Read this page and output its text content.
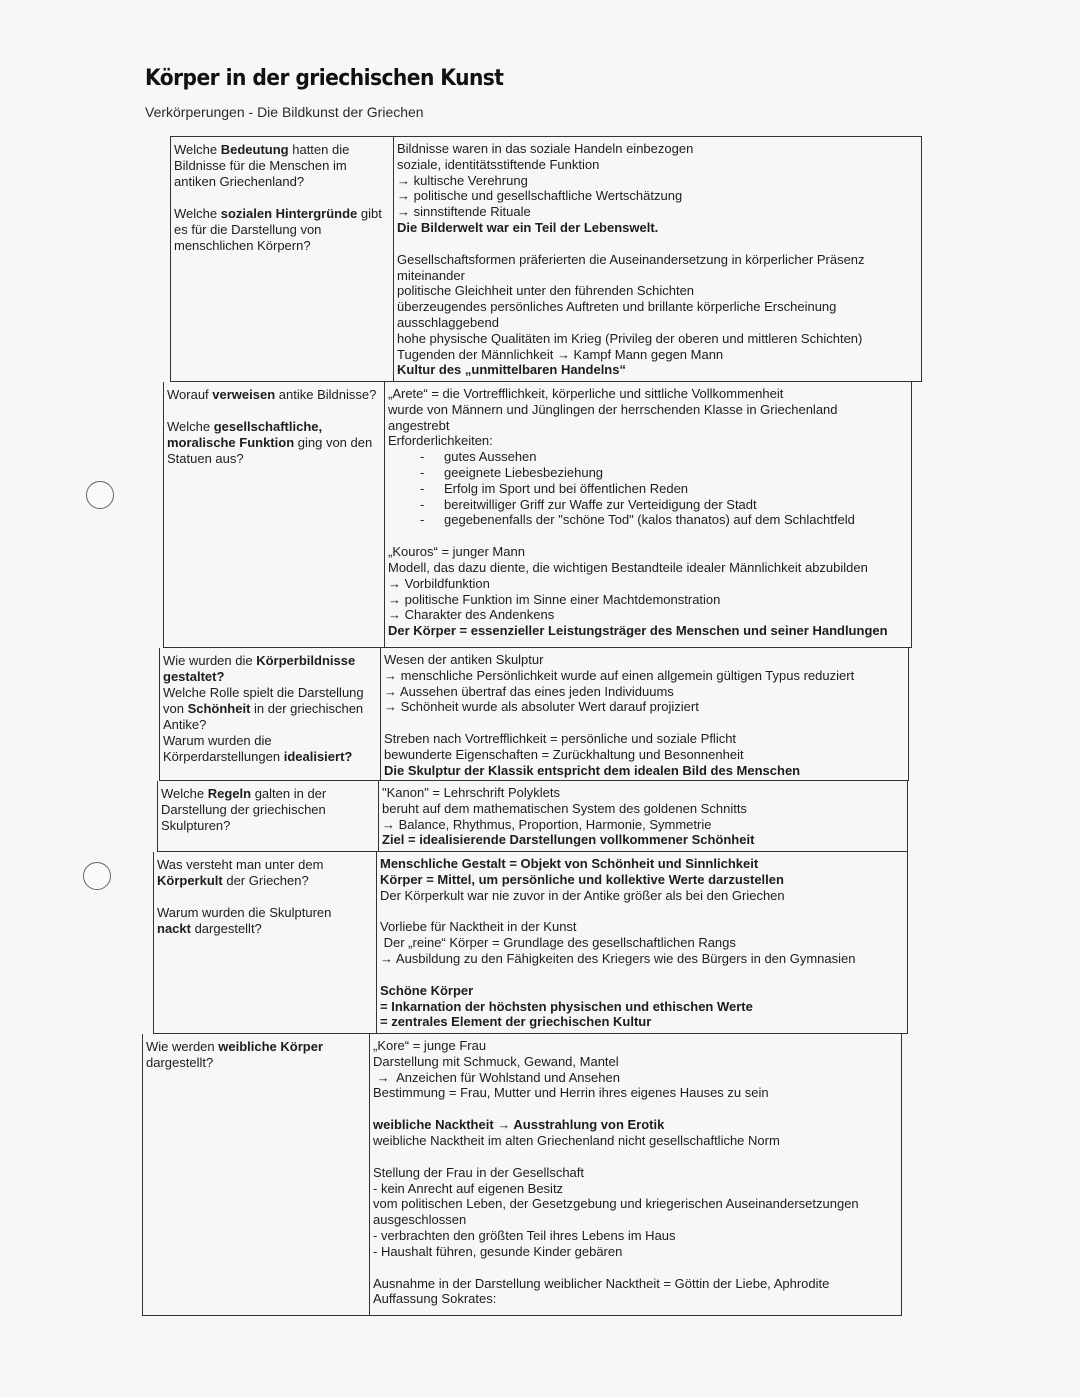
Körper in der griechischen Kunst
Verkörperungen - Die Bildkunst der Griechen
Welche Bedeutung hatten die
Bildnisse für die Menschen im
antiken Griechenland?
Welche sozialen Hintergründe gibt
es für die Darstellung von
menschlichen Körpern?
Bildnisse waren in das soziale Handeln einbezogen
soziale, identitätsstiftende Funktion
→ kultische Verehrung
→ politische und gesellschaftliche Wertschätzung
→ sinnstiftende Rituale
Die Bilderwelt war ein Teil der Lebenswelt.
Gesellschaftsformen präferierten die Auseinandersetzung in körperlicher Präsenz
miteinander
politische Gleichheit unter den führenden Schichten
überzeugendes persönliches Auftreten und brillante körperliche Erscheinung
ausschlaggebend
hohe physische Qualitäten im Krieg (Privileg der oberen und mittleren Schichten)
Tugenden der Männlichkeit → Kampf Mann gegen Mann
Kultur des „unmittelbaren Handelns“
Worauf verweisen antike Bildnisse?
Welche gesellschaftliche,
moralische Funktion ging von den
Statuen aus?
„Arete“ = die Vortrefflichkeit, körperliche und sittliche Vollkommenheit
wurde von Männern und Jünglingen der herrschenden Klasse in Griechenland
angestrebt
Erforderlichkeiten:
- gutes Aussehen
- geeignete Liebesbeziehung
- Erfolg im Sport und bei öffentlichen Reden
- bereitwilliger Griff zur Waffe zur Verteidigung der Stadt
- gegebenenfalls der "schöne Tod" (kalos thanatos) auf dem Schlachtfeld
„Kouros“ = junger Mann
Modell, das dazu diente, die wichtigen Bestandteile idealer Männlichkeit abzubilden
→ Vorbildfunktion
→ politische Funktion im Sinne einer Machtdemonstration
→ Charakter des Andenkens
Der Körper = essenzieller Leistungsträger des Menschen und seiner Handlungen
Wie wurden die Körperbildnisse
gestaltet?
Welche Rolle spielt die Darstellung
von Schönheit in der griechischen
Antike?
Warum wurden die
Körperdarstellungen idealisiert?
Wesen der antiken Skulptur
→ menschliche Persönlichkeit wurde auf einen allgemein gültigen Typus reduziert
→ Aussehen übertraf das eines jeden Individuums
→ Schönheit wurde als absoluter Wert darauf projiziert
Streben nach Vortrefflichkeit = persönliche und soziale Pflicht
bewunderte Eigenschaften = Zurückhaltung und Besonnenheit
Die Skulptur der Klassik entspricht dem idealen Bild des Menschen
Welche Regeln galten in der
Darstellung der griechischen
Skulpturen?
"Kanon" = Lehrschrift Polyklets
beruht auf dem mathematischen System des goldenen Schnitts
→ Balance, Rhythmus, Proportion, Harmonie, Symmetrie
Ziel = idealisierende Darstellungen vollkommener Schönheit
Was versteht man unter dem
Körperkult der Griechen?
Warum wurden die Skulpturen
nackt dargestellt?
Menschliche Gestalt = Objekt von Schönheit und Sinnlichkeit
Körper = Mittel, um persönliche und kollektive Werte darzustellen
Der Körperkult war nie zuvor in der Antike größer als bei den Griechen
Vorliebe für Nacktheit in der Kunst
Der „reine“ Körper = Grundlage des gesellschaftlichen Rangs
→ Ausbildung zu den Fähigkeiten des Kriegers wie des Bürgers in den Gymnasien
Schöne Körper
= Inkarnation der höchsten physischen und ethischen Werte
= zentrales Element der griechischen Kultur
Wie werden weibliche Körper
dargestellt?
„Kore“ = junge Frau
Darstellung mit Schmuck, Gewand, Mantel
→  Anzeichen für Wohlstand und Ansehen
Bestimmung = Frau, Mutter und Herrin ihres eigenes Hauses zu sein
weibliche Nacktheit → Ausstrahlung von Erotik
weibliche Nacktheit im alten Griechenland nicht gesellschaftliche Norm
Stellung der Frau in der Gesellschaft
- kein Anrecht auf eigenen Besitz
vom politischen Leben, der Gesetzgebung und kriegerischen Auseinandersetzungen
ausgeschlossen
- verbrachten den größten Teil ihres Lebens im Haus
- Haushalt führen, gesunde Kinder gebären
Ausnahme in der Darstellung weiblicher Nacktheit = Göttin der Liebe, Aphrodite
Auffassung Sokrates:
